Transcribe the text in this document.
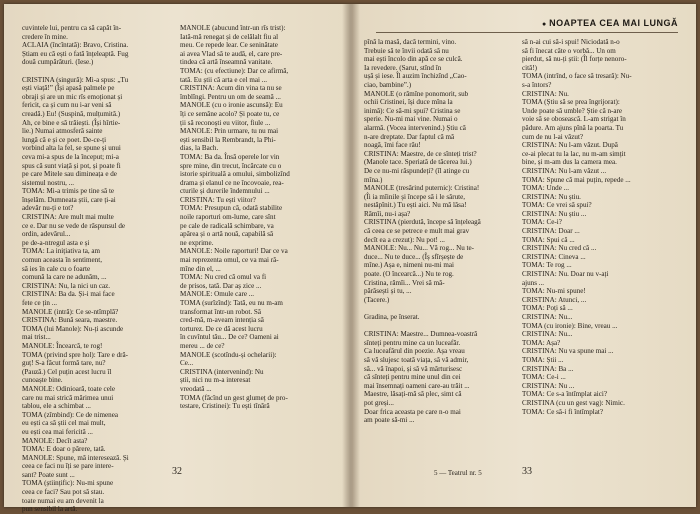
cuvintele lui, pentru ca să capăt în-
credere în mine.
ACLAIA (încîntată): Bravo, Cristina.
Știam eu că ești o fată înțeleaptă. Fug
două cumpărături. (Iese.)

CRISTINA (singură): Mi-a spus: „Tu
ești viață!” (Își apasă palmele pe
obraji și are un mic rîs emoționat și
fericit, ca și cum nu i-ar veni să
creadă.) Eu! (Suspină, mulțumită.)
Ah, ce bine e să trăiești. (Își hîrtie-
lie.) Numai atmosferă sainte
lungă că e și ce poet. De-ce-ți
vorbind alta la fel, se spune și unui
ceva mi-a spus de la început; mi-a
spus că sunt viață și pot, și poate fi
pe care Mitele sau dimineața e de
sistemul nostru, ...
TOMA: Mi-a trimis pe tine să te
înșelăm. Dumneata știi, care ți-ai
adevăr nu-ți e tot?
CRISTINA: Are mult mai multe
ce e. Dar nu se vede de răspunsul de
ordin, adevărul...
pe de-a-ntregul asta e și
TOMA: La inițiativa ta, am
comun aceasta în sentiment,
să ies în cale cu o foarte
comună la care ne adunăm, ...
CRISTINA: Nu, la nici un caz.
CRISTINA: Ba da. Și-i mai face
fete ce țin ...
MANOLE (intră): Ce se-ntîmplă?
CRISTINA: Bună seara, maestre.
TOMA (lui Manole): Nu-ți ascunde
mai trist...
MANOLE: Încearcă, te rog!
TOMA (privind spre hol): Tare e dră-
guț! S-a făcut formă tare, nu?
(Pauză.) Cel puțin acest lucru îl
cunoaște bine.
MANOLE: Odinioară, toate cele
care nu mai strică mărimea unui
tablou, ele a schimbat ...
TOMA (zîmbind): Ce de nimenea
eu ești ca să știi cel mai mult,
eu ești cea mai fericită ...
MANOLE: Decît asta?
TOMA: E doar o părere, tată.
MANOLE: Spune, mă interesează. Și
ceea ce faci nu îți se pare intere-
sant? Poate sunt ...
TOMA (științific): Nu-mi spune
ceea ce faci? Sau pot să stau.
toate numai eu am devenit la
pun sensibil la artă.
MANOLE (abucund într-un rîs trist):
Iată-mă renegat și de celălalt fiu al
meu. Ce repede lear. Ce seninătate
ai avea Vlad să te audă, el, care pre-
tindea că artă înseamnă vanitate.
TOMA: (cu efectiune): Dar ce afirmă,
tată. Eu știi că arta e cel mai ...
CRISTINA: Acum din vina ta nu se
îmblîngi. Pentru un om de seamă ...
MANOLE (cu o ironie ascunsă): Eu
îți ce semăne acolo? Și poate tu, ce
ții să reconoști eu viitor, fiule ...
MANOLE: Prin urmare, tu nu mai
ești sensibil la Rembrandt, la Phi-
dias, la Bach.
TOMA: Ba da. Însă operele lor vin
spre mine, din trecut, încărcate cu o
istorie spirituală a omului, simbolizînd
drama și elanul ce ne încovoaie, rea-
cturile și durerile îndemnului ...
CRISTINA: Tu ești viitor?
TOMA: Presupun că, odată stabilite
noile raporturi om-lume, care sînt
pe cale de radicală schimbare, va
apărea și o artă nouă, capabilă să
ne exprime.
MANOLE: Noile raporturi! Dar ce va
mai reprezenta omul, ce va mai ră-
mîne din el, ...
TOMA: Nu cred că omul va fi
de prisos, tată. Dar aș zice ...
MANOLE: Omule care ...
TOMA (surîzînd): Tată, eu nu m-am
transformat într-un robot. Să
cred-mă, m-aveam intenția să
torturez. De ce dă acest lucru
în cuvîntul tău... De ce? Oameni ai
mereu ... de ce?
MANOLE (scotîndu-și ochelarii):
Ce...
CRISTINA (intervenind): Nu
știi, nici nu m-a interesat
vreodată ...
TOMA (făcînd un gest glumeț de pro-
testare, Cristinei): Tu ești tînără
32
● NOAPTEA CEA MAI LUNGĂ
pînă la masă, dacă termini, vino.
Trebuie să te învii odată să nu
mai ești încolo din apă ce se culcă.
Ia revedere. (Sarut, stînd în
ușă și iese. Îl auzim închizînd „Cao-
ciao, bambine”.)
MANOLE (o rămîne ponomorit, sub
ochii Cristinei, își duce mîna la
inimă): Ce să-mi spui? Cristina se
sperie. Nu-mi mai vine. Numai o
alarmă. (Vocea intervenind.) Știu că
n-are dreptate. Dar faptul că mă
noagă, îmi face rău!
CRISTINA: Maestre, de ce sînteți trist?
(Manole tace. Speriată de tăcerea lui.)
De ce nu-mi răspundeți? (îl atinge cu
mîna.)
MANOLE (tresărind puternic): Cristina!
(Îi ia mîinile și începe să i le sărute,
nestăpînit.) Tu ești aici. Nu mă lăsa!
Rămîi, nu-i așa?
CRISTINA (pierdută, începe să înțeleagă
că ceea ce se petrece e mult mai grav
decît ea a crezut): Nu pot! ...
MANOLE: Nu... Nu... Vă rog... Nu te-
duce... Nu te duce... (Îș sfîrșește de
mîne.) Așa e, nimeni nu-mi mai
poate. (O încearcă...) Nu te rog.
Cristina, rămîi... Vrei să mă-
părăsești și tu, ...
(Tacere.)

Gradina, pe înserat.

CRISTINA: Maestre... Dumnea-voastră
sînteți pentru mine ca un luceafăr.
Ca luceafărul din poezie. Așa vreau
să vă slujesc toată viața, să vă admir,
să... vă înapoi, și să vă mărturisesc
că sînteți pentru mine unul din cei
mai însemnați oameni care-au trăit ...
Maestre, lăsați-mă să plec, simt că
pot greși...
Doar frica aceasta pe care n-o mai
am poate să-mi ...
să n-ai cui să-i spui! Niciodată n-o
să fi înecat câte o vorbă... Un om
pierdut, să nu-ți știi: (Îl forțe nenoro-
cită!)
TOMA (intrînd, o face să tresară): Nu-
s-a întors?
CRISTINA: Nu.
TOMA (Știu să se prea îngrijorat):
Unde poate să umble? Știe că n-are
voie să se obosească. L-am strigat în
pădure. Am ajuns pînă la poarta. Tu
cum de nu l-ai văzut?
CRISTINA: Nu l-am văzut. După
ce-ai plecat tu la lac, nu m-am simțit
bine, și m-am dus la camera mea.
CRISTINA: Nu l-am văzut ...
TOMA: Spune că mai puțin, repede ...
TOMA: Unde ...
CRISTINA: Nu știu.
TOMA: Ce vrei să spui?
CRISTINA: Nu știu ...
TOMA: Ce-i?
CRISTINA: Doar ...
TOMA: Spui că ...
CRISTINA: Nu cred că ...
CRISTINA: Cineva ...
TOMA: Te rog ...
CRISTINA: Nu. Doar nu v-ați
ajuns ...
TOMA: Nu-mi spune!
CRISTINA: Atunci, ...
TOMA: Poți să ...
CRISTINA: Nu...
TOMA (cu ironie): Bine, vreau ...
CRISTINA: Nu...
TOMA: Așa?
CRISTINA: Nu va spune mai ...
TOMA: Știi ...
CRISTINA: Ba ...
TOMA: Ce-i ...
CRISTINA: Nu ...
TOMA: Ce s-a întîmplat aici?
CRISTINA (cu un gest vag): Nimic.
TOMA: Ce să-i fi întîmplat?
5 — Teatrul nr. 5	33
